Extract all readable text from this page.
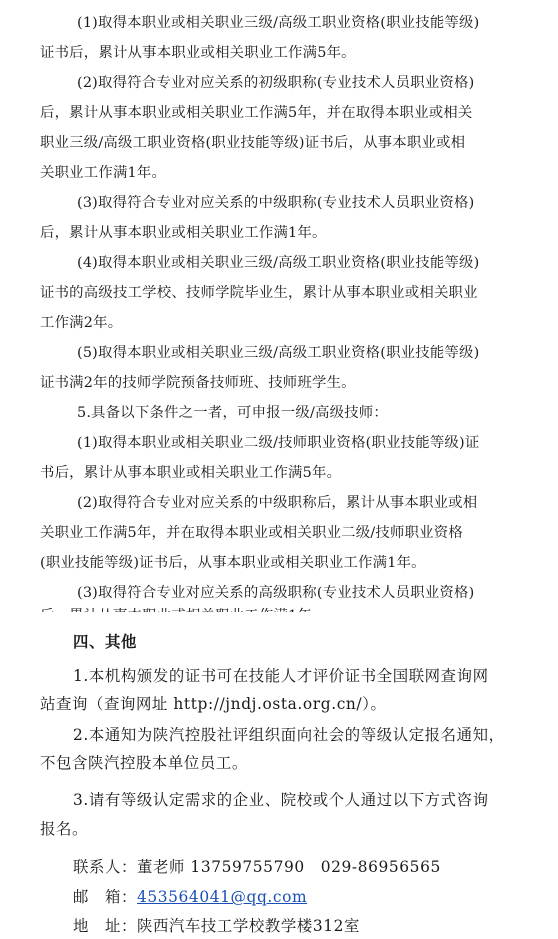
(1)取得本职业或相关职业三级/高级工职业资格(职业技能等级)
证书后，累计从事本职业或相关职业工作满5年。
(2)取得符合专业对应关系的初级职称(专业技术人员职业资格)
后，累计从事本职业或相关职业工作满5年，并在取得本职业或相关
职业三级/高级工职业资格(职业技能等级)证书后，从事本职业或相
关职业工作满1年。
(3)取得符合专业对应关系的中级职称(专业技术人员职业资格)
后，累计从事本职业或相关职业工作满1年。
(4)取得本职业或相关职业三级/高级工职业资格(职业技能等级)
证书的高级技工学校、技师学院毕业生，累计从事本职业或相关职业
工作满2年。
(5)取得本职业或相关职业三级/高级工职业资格(职业技能等级)
证书满2年的技师学院预备技师班、技师班学生。
5.具备以下条件之一者，可申报一级/高级技师：
(1)取得本职业或相关职业二级/技师职业资格(职业技能等级)证
书后，累计从事本职业或相关职业工作满5年。
(2)取得符合专业对应关系的中级职称后，累计从事本职业或相
关职业工作满5年，并在取得本职业或相关职业二级/技师职业资格
(职业技能等级)证书后，从事本职业或相关职业工作满1年。
(3)取得符合专业对应关系的高级职称(专业技术人员职业资格)
四、其他
1.本机构颁发的证书可在技能人才评价证书全国联网查询网
站查询（查询网址 http://jndj.osta.org.cn/）。
2.本通知为陕汽控股社评组织面向社会的等级认定报名通知，
不包含陕汽控股本单位员工。
3.请有等级认定需求的企业、院校或个人通过以下方式咨询
报名。
联系人：董老师 13759755790　029-86956565
邮　箱：453564041@qq.com
地　址：陕西汽车技工学校教学楼312室
